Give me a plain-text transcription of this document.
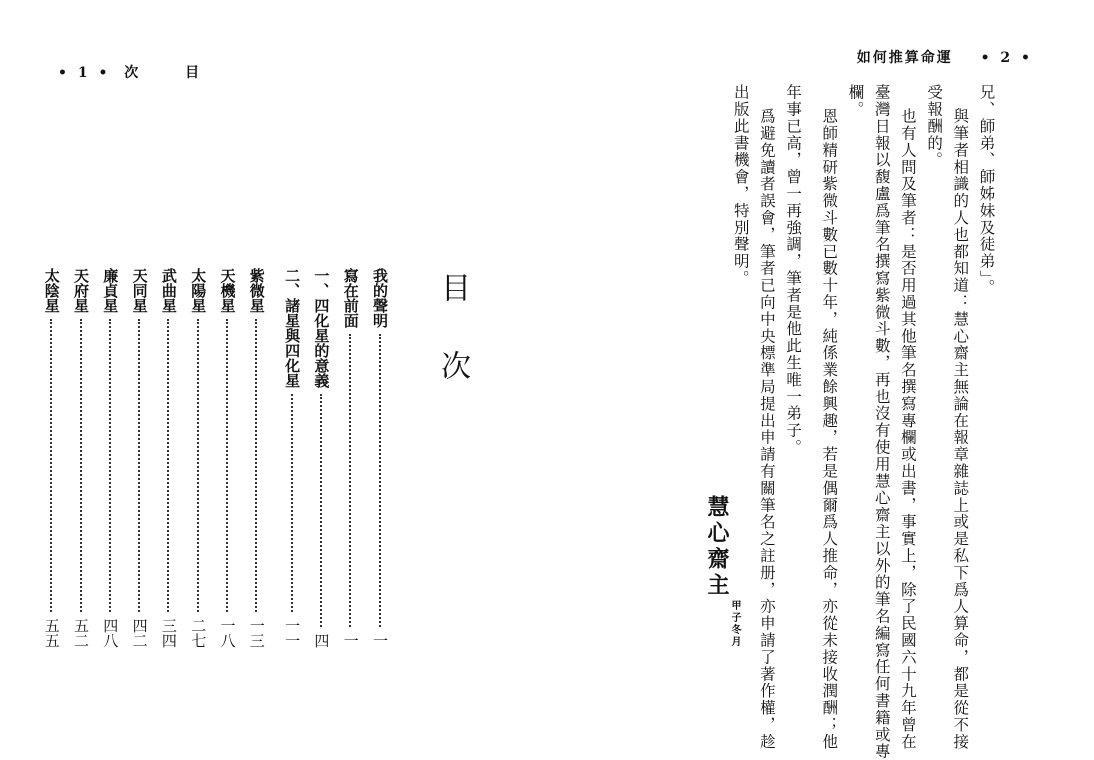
• 1 • 次	目
目次
我的聲明
一
寫在前面
一
一、四化星的意義
四
二、諸星與四化星
一一
紫微星
一三
天機星
一八
太陽星
二七
武曲星
三四
天同星
四二
廉貞星
四八
天府星
五二
太陰星
五五
如何推算命運 • 2 •
兄、師弟、師姊妹及徒弟」。
與筆者相識的人也都知道：慧心齋主無論在報章雜誌上或是私下爲人算命，都是從不接
受報酬的。
也有人問及筆者：是否用過其他筆名撰寫專欄或出書，事實上，除了民國六十九年曾在
臺灣日報以馥盧爲筆名撰寫紫微斗數，再也沒有使用慧心齋主以外的筆名編寫任何書籍或專
欄。
恩師精研紫微斗數已數十年，純係業餘興趣，若是偶爾爲人推命，亦從未接收潤酬；他
年事已高，曾一再強調，筆者是他此生唯一弟子。
爲避免讀者誤會，筆者已向中央標準局提出申請有關筆名之註册，亦申請了著作權，趁
出版此書機會，特別聲明。
慧心齋主
甲子冬月
